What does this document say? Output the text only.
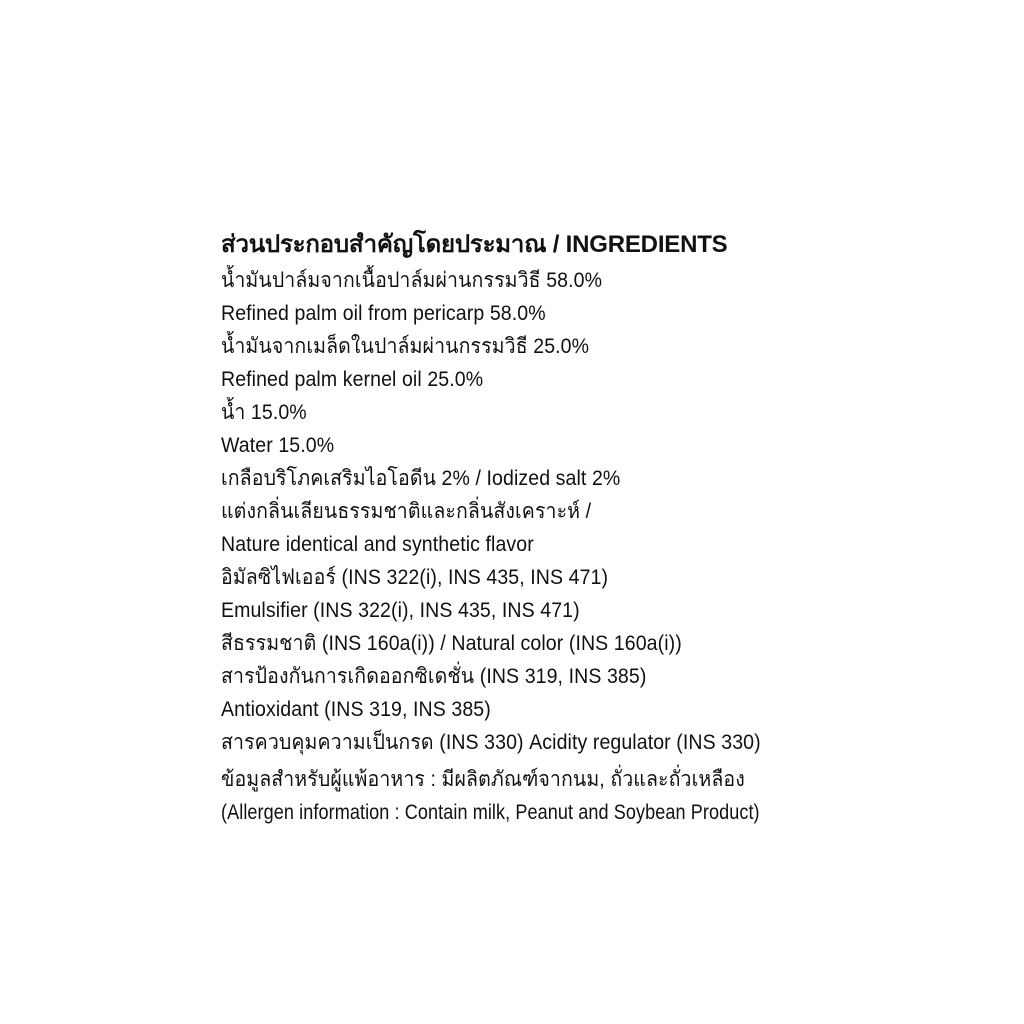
ส่วนประกอบสำคัญโดยประมาณ / INGREDIENTS
น้ำมันปาล์มจากเนื้อปาล์มผ่านกรรมวิธี 58.0%
Refined palm oil from pericarp 58.0%
น้ำมันจากเมล็ดในปาล์มผ่านกรรมวิธี 25.0%
Refined palm kernel oil 25.0%
น้ำ 15.0%
Water 15.0%
เกลือบริโภคเสริมไอโอดีน 2% / Iodized salt 2%
แต่งกลิ่นเลียนธรรมชาติและกลิ่นสังเคราะห์ /
Nature identical and synthetic flavor
อิมัลซิไฟเออร์ (INS 322(i), INS 435, INS 471)
Emulsifier (INS 322(i), INS 435, INS 471)
สีธรรมชาติ (INS 160a(i)) / Natural color (INS 160a(i))
สารป้องกันการเกิดออกซิเดชั่น (INS 319, INS 385)
Antioxidant (INS 319, INS 385)
สารควบคุมความเป็นกรด (INS 330) Acidity regulator (INS 330)
ข้อมูลสำหรับผู้แพ้อาหาร : มีผลิตภัณฑ์จากนม, ถั่วและถั่วเหลือง
(Allergen information : Contain milk, Peanut and Soybean Product)
